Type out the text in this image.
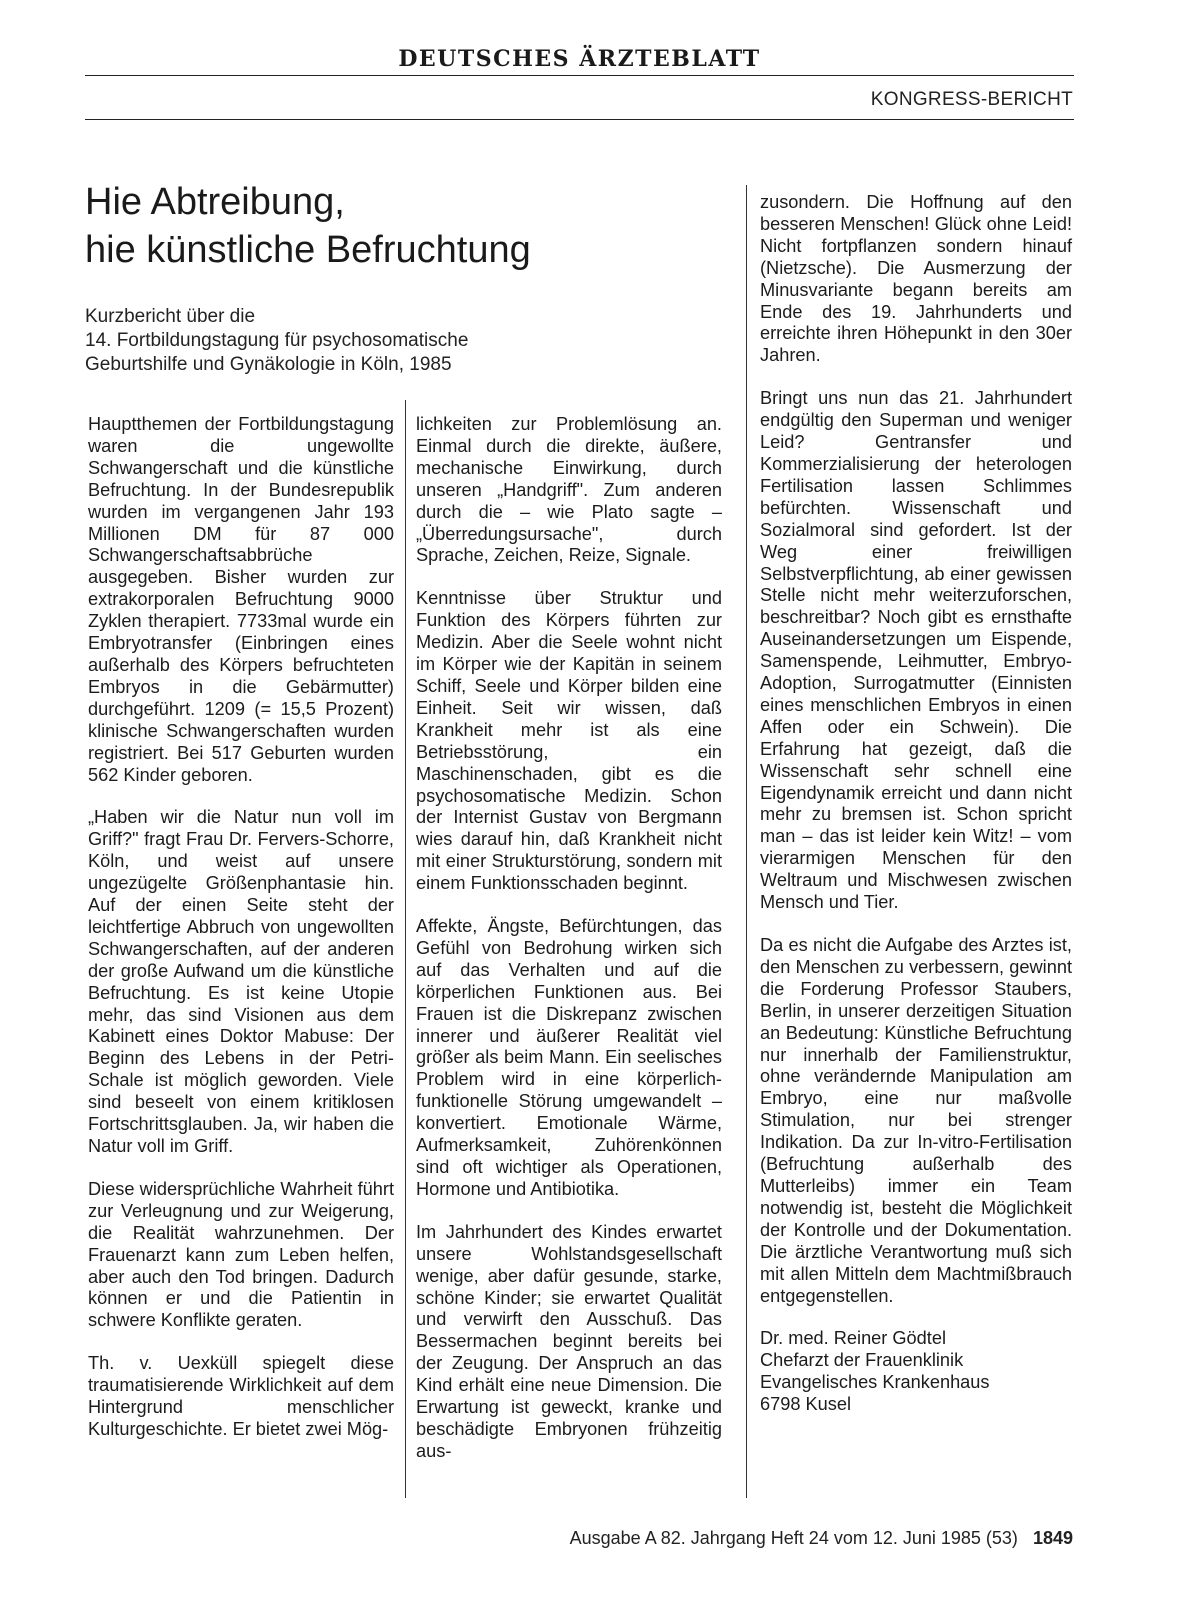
DEUTSCHES ÄRZTEBLATT
KONGRESS-BERICHT
Hie Abtreibung,
hie künstliche Befruchtung
Kurzbericht über die
14. Fortbildungstagung für psychosomatische
Geburtshilfe und Gynäkologie in Köln, 1985

Hauptthemen der Fortbildungstagung waren die ungewollte Schwangerschaft und die künstliche Befruchtung. In der Bundesrepublik wurden im vergangenen Jahr 193 Millionen DM für 87 000 Schwangerschaftsabbrüche ausgegeben. Bisher wurden zur extrakorporalen Befruchtung 9000 Zyklen therapiert. 7733mal wurde ein Embryotransfer (Einbringen eines außerhalb des Körpers befruchteten Embryos in die Gebärmutter) durchgeführt. 1209 (= 15,5 Prozent) klinische Schwangerschaften wurden registriert. Bei 517 Geburten wurden 562 Kinder geboren.

„Haben wir die Natur nun voll im Griff?" fragt Frau Dr. Fervers-Schorre, Köln, und weist auf unsere ungezügelte Größenphantasie hin. Auf der einen Seite steht der leichtfertige Abbruch von ungewollten Schwangerschaften, auf der anderen der große Aufwand um die künstliche Befruchtung. Es ist keine Utopie mehr, das sind Visionen aus dem Kabinett eines Doktor Mabuse: Der Beginn des Lebens in der Petri-Schale ist möglich geworden. Viele sind beseelt von einem kritiklosen Fortschrittsglauben. Ja, wir haben die Natur voll im Griff.

Diese widersprüchliche Wahrheit führt zur Verleugnung und zur Weigerung, die Realität wahrzunehmen. Der Frauenarzt kann zum Leben helfen, aber auch den Tod bringen. Dadurch können er und die Patientin in schwere Konflikte geraten.

Th. v. Uexküll spiegelt diese traumatisierende Wirklichkeit auf dem Hintergrund menschlicher Kulturgeschichte. Er bietet zwei Mög-

lichkeiten zur Problemlösung an. Einmal durch die direkte, äußere, mechanische Einwirkung, durch unseren „Handgriff". Zum anderen durch die – wie Plato sagte – „Überredungsursache", durch Sprache, Zeichen, Reize, Signale.

Kenntnisse über Struktur und Funktion des Körpers führten zur Medizin. Aber die Seele wohnt nicht im Körper wie der Kapitän in seinem Schiff, Seele und Körper bilden eine Einheit. Seit wir wissen, daß Krankheit mehr ist als eine Betriebsstörung, ein Maschinenschaden, gibt es die psychosomatische Medizin. Schon der Internist Gustav von Bergmann wies darauf hin, daß Krankheit nicht mit einer Strukturstörung, sondern mit einem Funktionsschaden beginnt.

Affekte, Ängste, Befürchtungen, das Gefühl von Bedrohung wirken sich auf das Verhalten und auf die körperlichen Funktionen aus. Bei Frauen ist die Diskrepanz zwischen innerer und äußerer Realität viel größer als beim Mann. Ein seelisches Problem wird in eine körperlich-funktionelle Störung umgewandelt – konvertiert. Emotionale Wärme, Aufmerksamkeit, Zuhörenkönnen sind oft wichtiger als Operationen, Hormone und Antibiotika.

Im Jahrhundert des Kindes erwartet unsere Wohlstandsgesellschaft wenige, aber dafür gesunde, starke, schöne Kinder; sie erwartet Qualität und verwirft den Ausschuß. Das Bessermachen beginnt bereits bei der Zeugung. Der Anspruch an das Kind erhält eine neue Dimension. Die Erwartung ist geweckt, kranke und beschädigte Embryonen frühzeitig aus-

zusondern. Die Hoffnung auf den besseren Menschen! Glück ohne Leid! Nicht fortpflanzen sondern hinauf (Nietzsche). Die Ausmerzung der Minusvariante begann bereits am Ende des 19. Jahrhunderts und erreichte ihren Höhepunkt in den 30er Jahren.

Bringt uns nun das 21. Jahrhundert endgültig den Superman und weniger Leid? Gentransfer und Kommerzialisierung der heterologen Fertilisation lassen Schlimmes befürchten. Wissenschaft und Sozialmoral sind gefordert. Ist der Weg einer freiwilligen Selbstverpflichtung, ab einer gewissen Stelle nicht mehr weiterzuforschen, beschreitbar? Noch gibt es ernsthafte Auseinandersetzungen um Eispende, Samenspende, Leihmutter, Embryo-Adoption, Surrogatmutter (Einnisten eines menschlichen Embryos in einen Affen oder ein Schwein). Die Erfahrung hat gezeigt, daß die Wissenschaft sehr schnell eine Eigendynamik erreicht und dann nicht mehr zu bremsen ist. Schon spricht man – das ist leider kein Witz! – vom vierarmigen Menschen für den Weltraum und Mischwesen zwischen Mensch und Tier.

Da es nicht die Aufgabe des Arztes ist, den Menschen zu verbessern, gewinnt die Forderung Professor Staubers, Berlin, in unserer derzeitigen Situation an Bedeutung: Künstliche Befruchtung nur innerhalb der Familienstruktur, ohne verändernde Manipulation am Embryo, eine nur maßvolle Stimulation, nur bei strenger Indikation. Da zur In-vitro-Fertilisation (Befruchtung außerhalb des Mutterleibs) immer ein Team notwendig ist, besteht die Möglichkeit der Kontrolle und der Dokumentation. Die ärztliche Verantwortung muß sich mit allen Mitteln dem Machtmißbrauch entgegenstellen.

Dr. med. Reiner Gödtel
Chefarzt der Frauenklinik
Evangelisches Krankenhaus
6798 Kusel
Ausgabe A 82. Jahrgang Heft 24 vom 12. Juni 1985 (53) 1849
